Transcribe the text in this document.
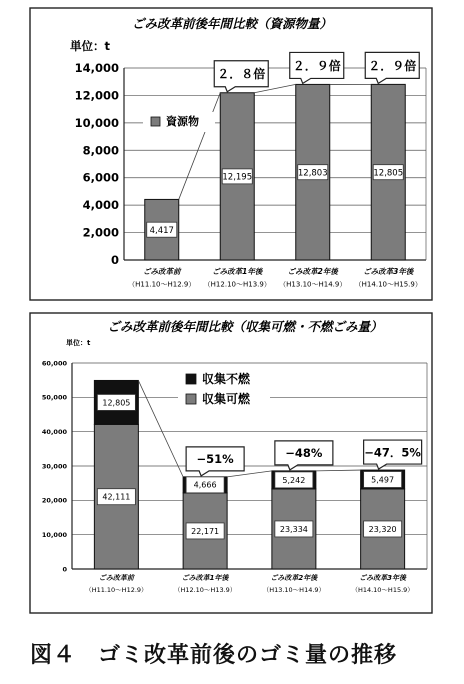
ごみ改革前後年間比較（資源物量）
単位：t
0
2,000
4,000
6,000
8,000
10,000
12,000
14,000
4,417
ごみ改革前
（H11.10〜H12.9）
12,195
ごみ改革1年後
（H12.10〜H13.9）
12,803
ごみ改革2年後
（H13.10〜H14.9）
12,805
ごみ改革3年後
（H14.10〜H15.9）
２．８倍
２．９倍 ２．９倍
資源物
ごみ改革前後年間比較（収集可燃・不燃ごみ量）
単位：t
0
10,000
20,000
30,000
40,000
50,000
60,000
42,111
12,805
ごみ改革前
（H11.10〜H12.9）
22,171
4,666
ごみ改革1年後
（H12.10〜H13.9）
23,334
5,242
ごみ改革2年後
（H13.10〜H14.9）
23,320
5,497
ごみ改革3年後
（H14.10〜H15.9）
−51%	−48%	−47．5%
収集不燃
収集可燃
図４ ゴミ改革前後のゴミ量の推移
